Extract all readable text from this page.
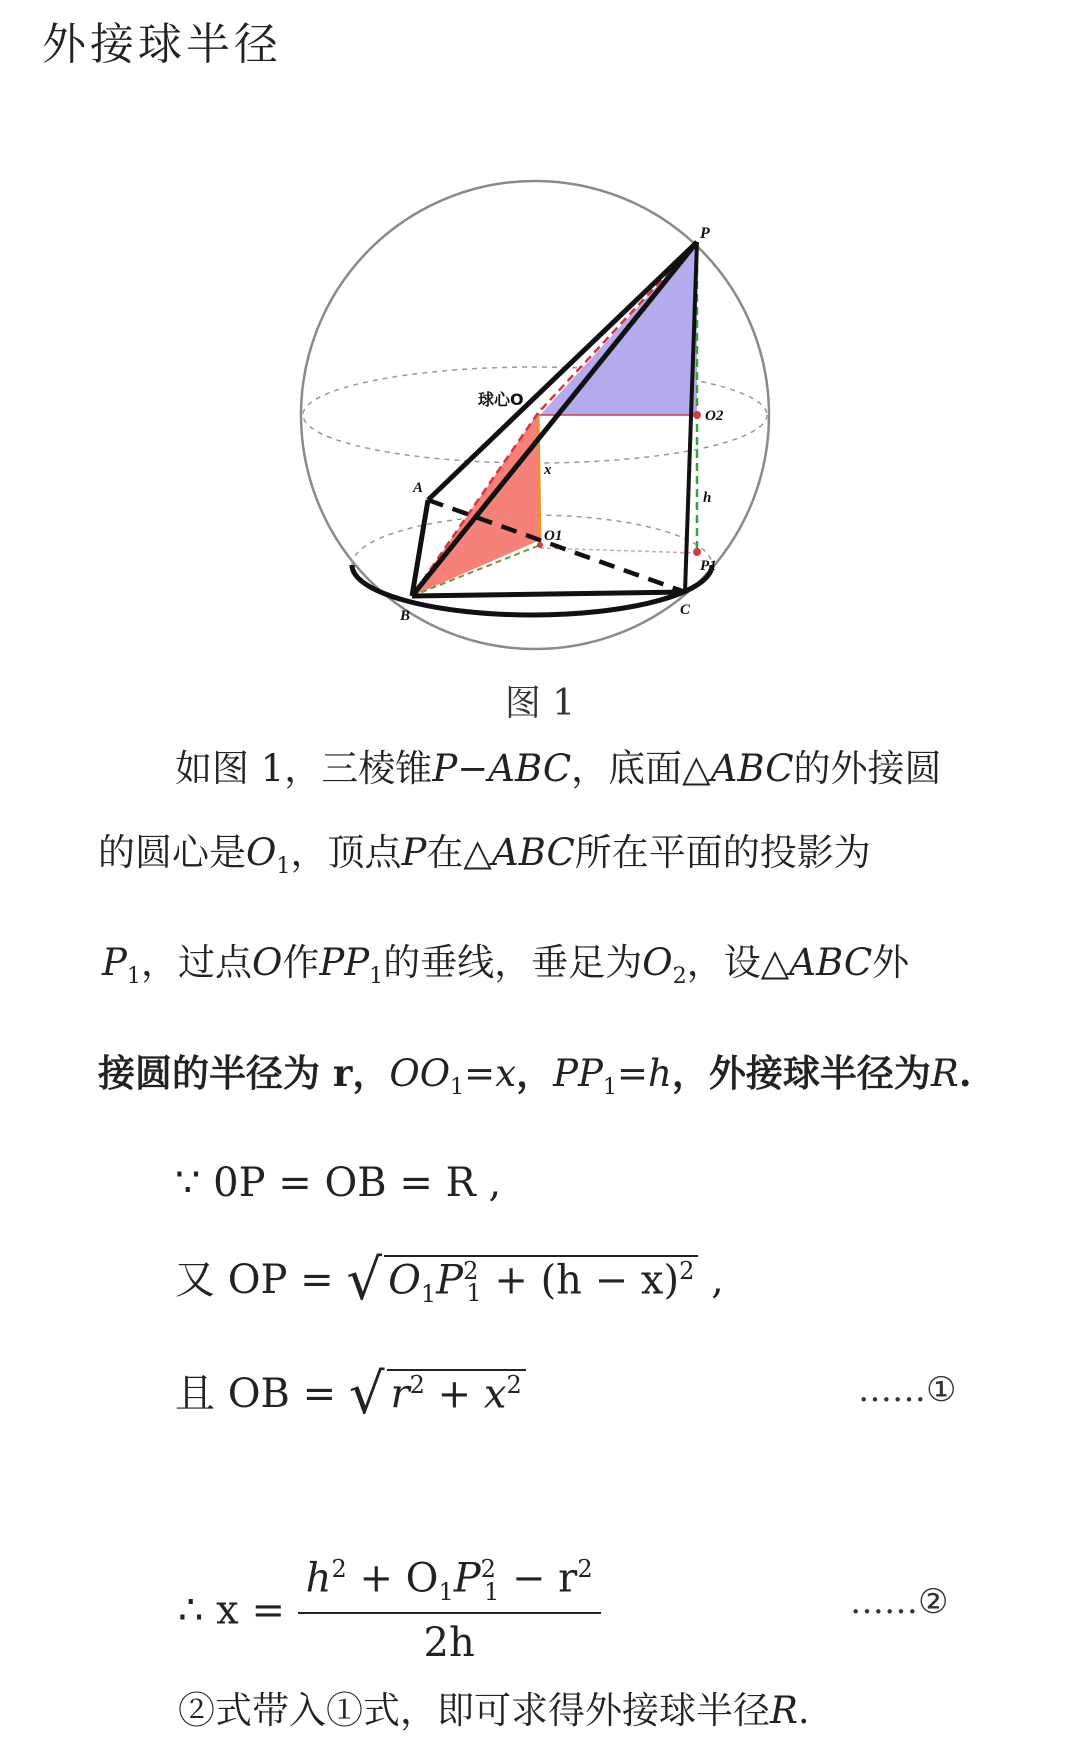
外接球半径
P
球心O
O2
x
A
h
O1
P1
B	C
图 1
如图 1，三棱锥P−ABC，底面△ABC的外接圆
的圆心是$O_1$，顶点P在△ABC所在平面的投影为
$P_1$，过点O作$PP_1$的垂线，垂足为$O_2$，设△ABC外
接圆的半径为 r，$OO_1=x$，$PP_1=h$，外接球半径为R.
∵ 0P = OB = R ,
又 OP = √ $O_1P^2_1 + (h - x)^2$ ,
且 OB = √ $r^2 + x^2$	……①
∴ $x = \frac{h^2 + O_1P^2_1 - r^2}{2h}$	……②
②式带入①式，即可求得外接球半径R.
